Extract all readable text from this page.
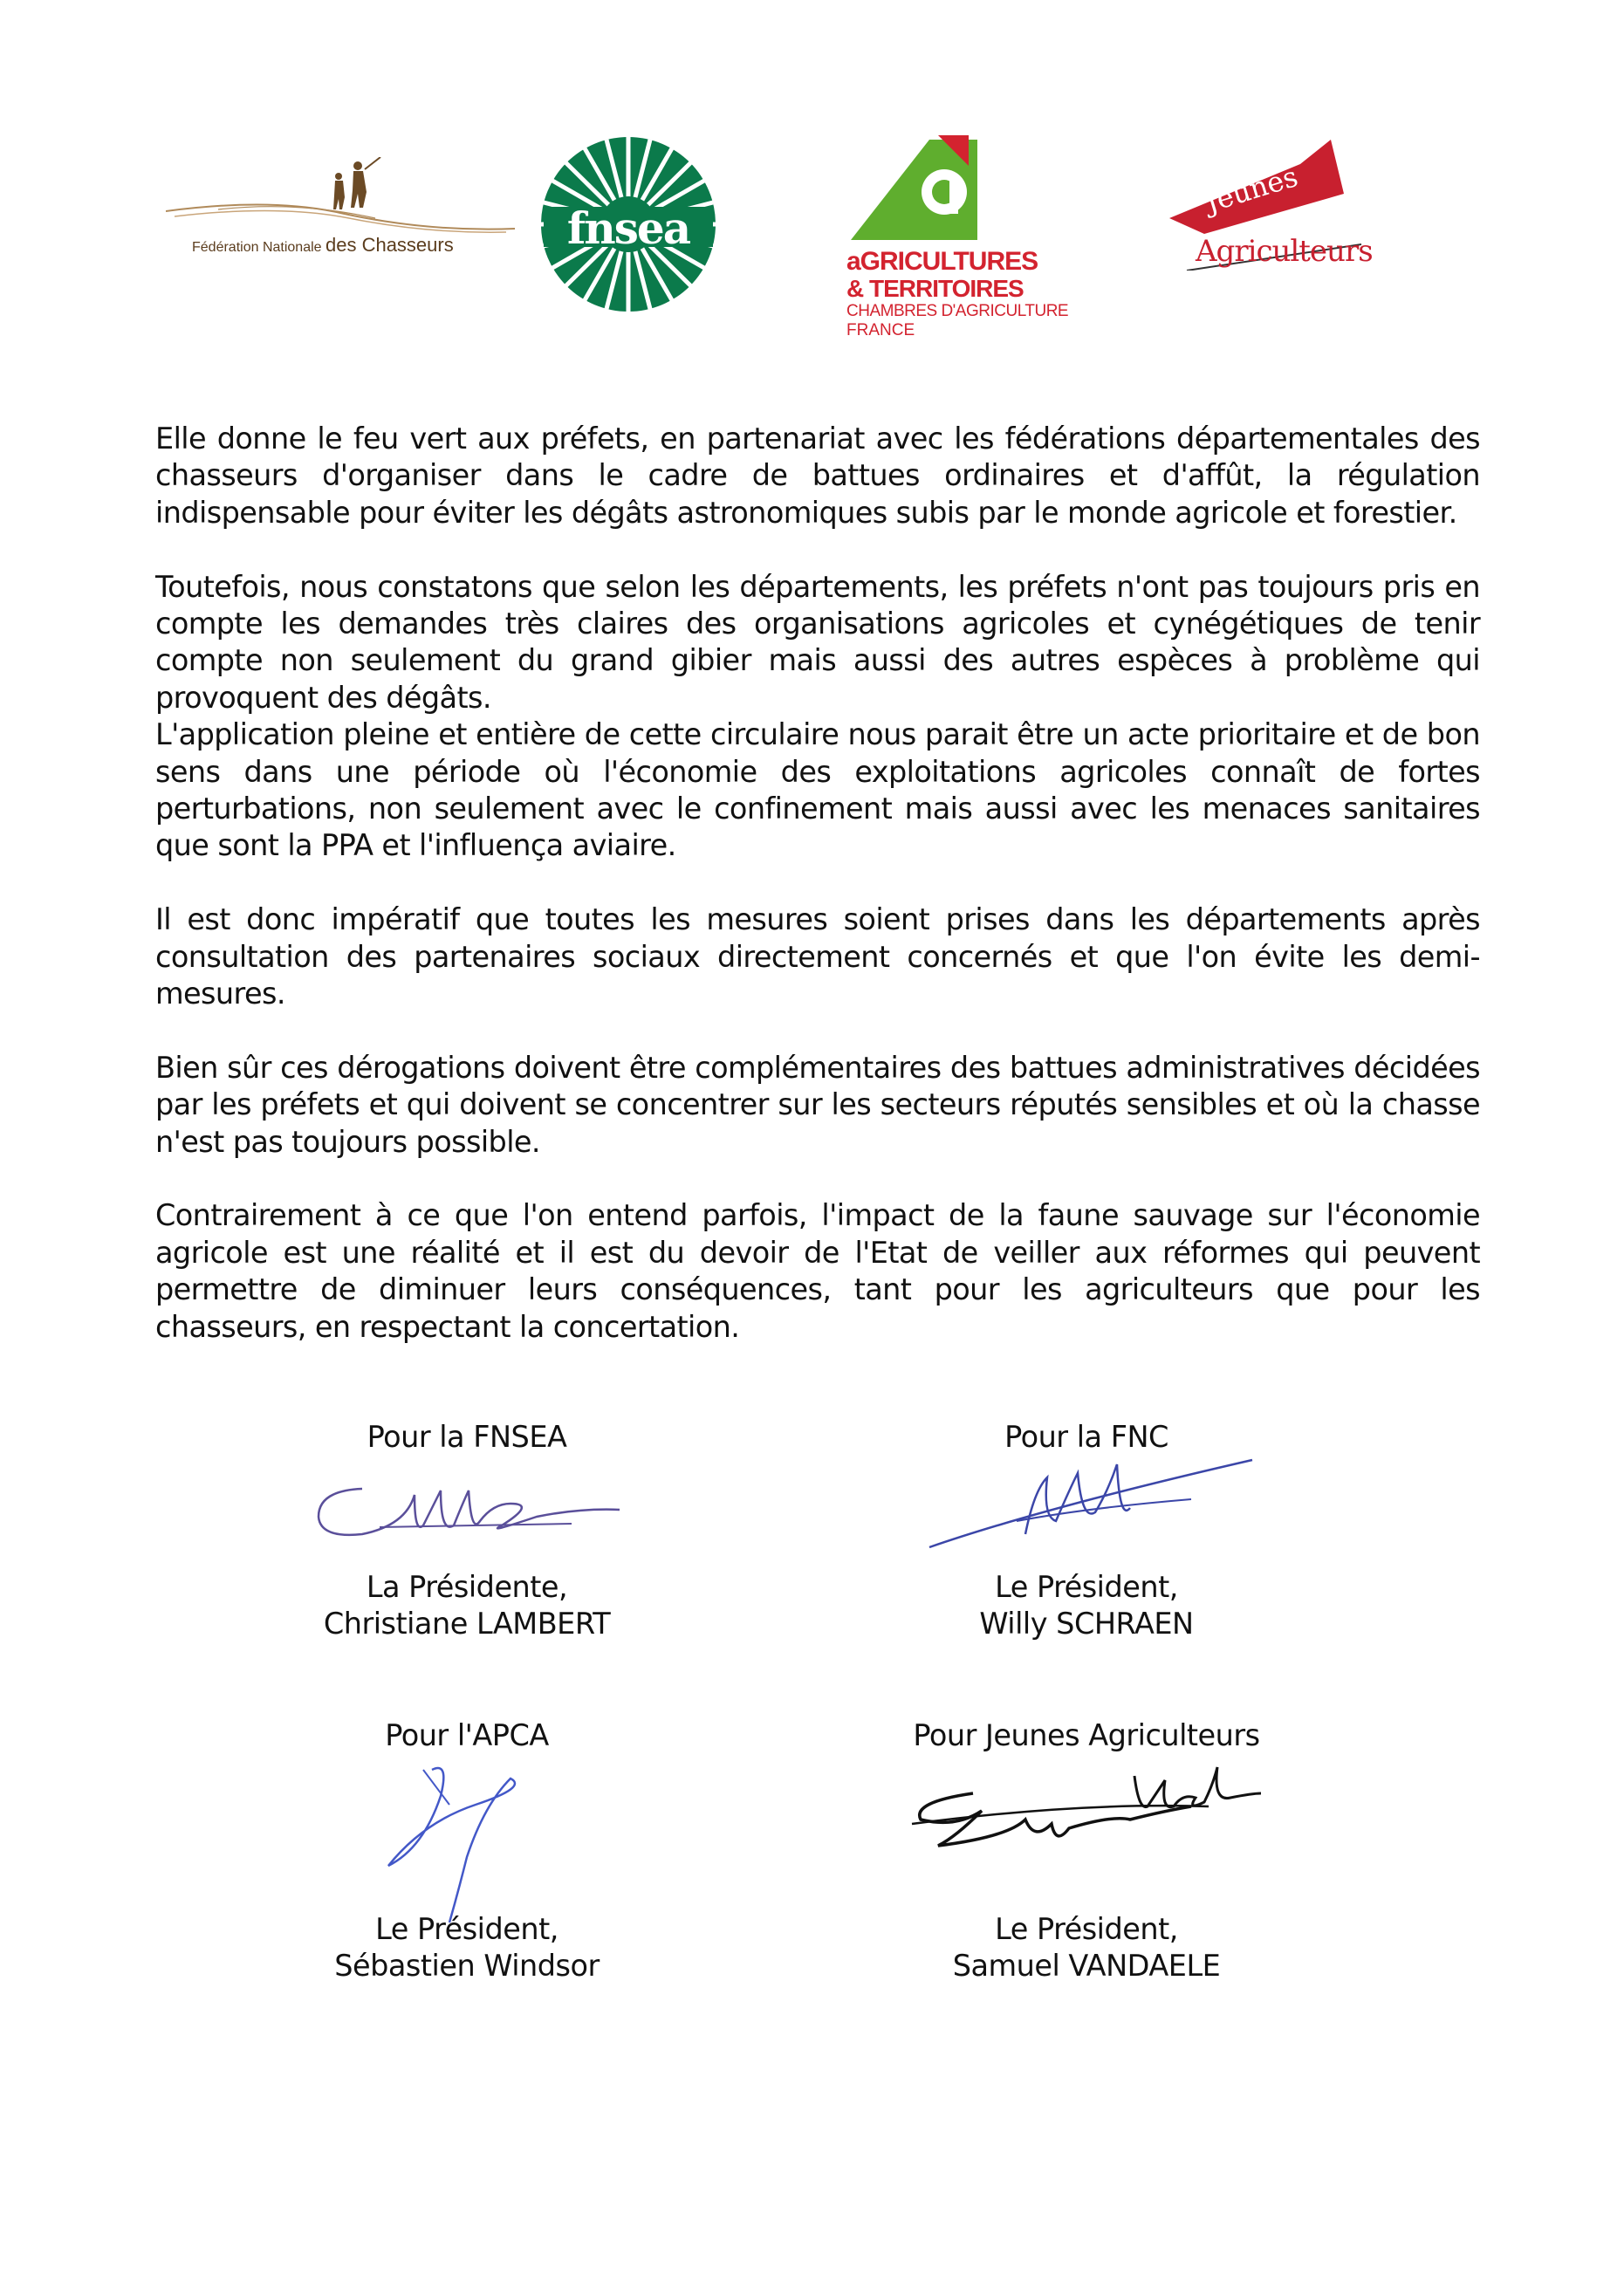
Fédération Nationale des Chasseurs	fnsea
aGRICULTURES
& TERRITOIRES
CHAMBRES D'AGRICULTURE
FRANCE
Jeunes
Agriculteurs

Elle donne le feu vert aux préfets, en partenariat avec les fédérations départementales des chasseurs d'organiser dans le cadre de battues ordinaires et d'affût, la régulation indispensable pour éviter les dégâts astronomiques subis par le monde agricole et forestier.

Toutefois, nous constatons que selon les départements, les préfets n'ont pas toujours pris en compte les demandes très claires des organisations agricoles et cynégétiques de tenir compte non seulement du grand gibier mais aussi des autres espèces à problème qui provoquent des dégâts.

L'application pleine et entière de cette circulaire nous parait être un acte prioritaire et de bon sens dans une période où l'économie des exploitations agricoles connaît de fortes perturbations, non seulement avec le confinement mais aussi avec les menaces sanitaires que sont la PPA et l'influença aviaire.

Il est donc impératif que toutes les mesures soient prises dans les départements après consultation des partenaires sociaux directement concernés et que l'on évite les demi-mesures.

Bien sûr ces dérogations doivent être complémentaires des battues administratives décidées par les préfets et qui doivent se concentrer sur les secteurs réputés sensibles et où la chasse n'est pas toujours possible.

Contrairement à ce que l'on entend parfois, l'impact de la faune sauvage sur l'économie agricole est une réalité et il est du devoir de l'Etat de veiller aux réformes qui peuvent permettre de diminuer leurs conséquences, tant pour les agriculteurs que pour les chasseurs, en respectant la concertation.

Pour la FNSEA
La Présidente,
Christiane LAMBERT
Pour la FNC
Le Président,
Willy SCHRAEN
Pour l'APCA
Le Président,
Sébastien Windsor
Pour Jeunes Agriculteurs
Le Président,
Samuel VANDAELE
